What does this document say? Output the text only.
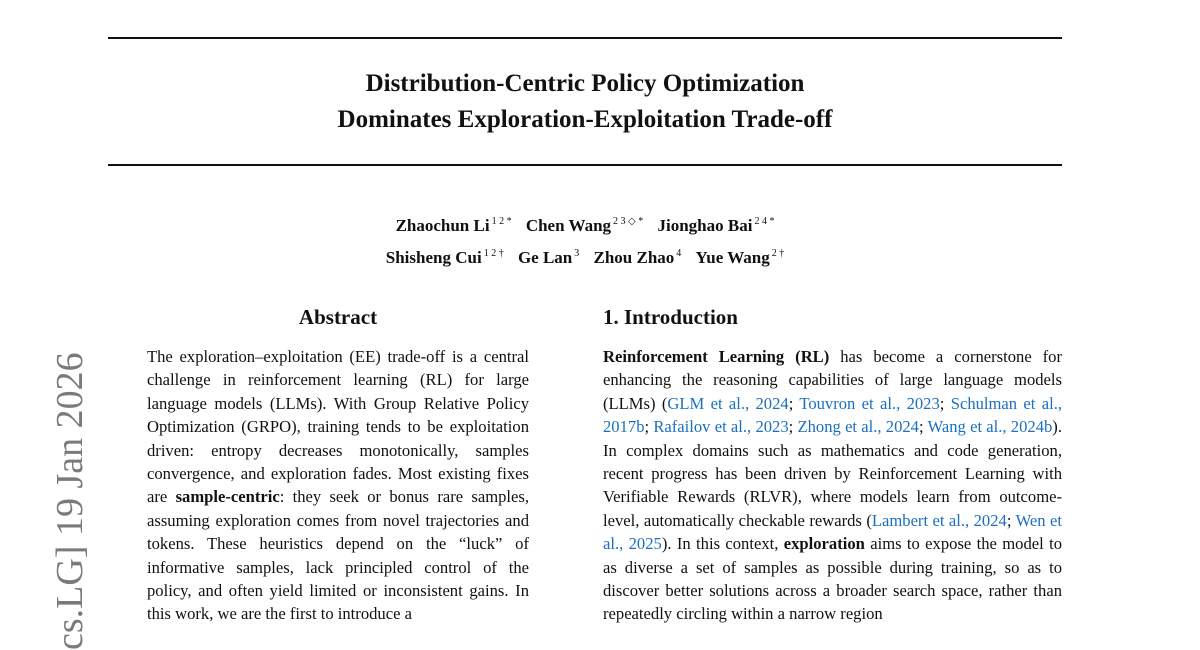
Distribution-Centric Policy Optimization
Dominates Exploration-Exploitation Trade-off
Zhaochun Li $^{1 2 *}$ Chen Wang $^{2 3 ◇ *}$ Jionghao Bai $^{2 4 *}$
Shisheng Cui $^{1 2 \dagger}$ Ge Lan $^3$ Zhou Zhao $^4$ Yue Wang $^{2 \dagger}$
cs.LG] 19 Jan 2026
Abstract

The exploration–exploitation (EE) trade-off is a central challenge in reinforcement learning (RL) for large language models (LLMs). With Group Relative Policy Optimization (GRPO), training tends to be exploitation driven: entropy decreases monotonically, samples convergence, and exploration fades. Most existing fixes are sample-centric: they seek or bonus rare samples, assuming exploration comes from novel trajectories and tokens. These heuristics depend on the “luck” of informative samples, lack principled control of the policy, and often yield limited or inconsistent gains. In this work, we are the first to introduce a

1. Introduction

Reinforcement Learning (RL) has become a cornerstone for enhancing the reasoning capabilities of large language models (LLMs) (GLM et al., 2024; Touvron et al., 2023; Schulman et al., 2017b; Rafailov et al., 2023; Zhong et al., 2024; Wang et al., 2024b). In complex domains such as mathematics and code generation, recent progress has been driven by Reinforcement Learning with Verifiable Rewards (RLVR), where models learn from outcome-level, automatically checkable rewards (Lambert et al., 2024; Wen et al., 2025). In this context, exploration aims to expose the model to as diverse a set of samples as possible during training, so as to discover better solutions across a broader search space, rather than repeatedly circling within a narrow region
